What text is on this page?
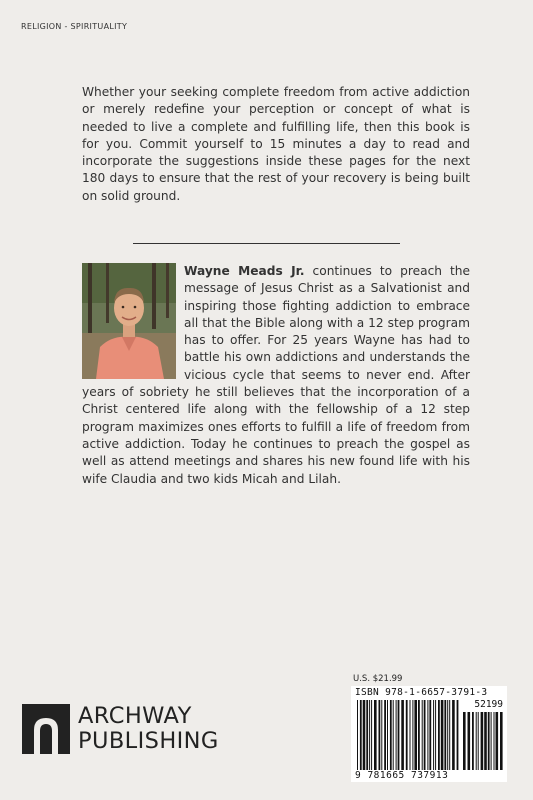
RELIGION - SPIRITUALITY
Whether your seeking complete freedom from active addiction or merely redefine your perception or concept of what is needed to live a complete and fulfilling life, then this book is for you. Commit yourself to 15 minutes a day to read and incorporate the suggestions inside these pages for the next 180 days to ensure that the rest of your recovery is being built on solid ground.
Wayne Meads Jr. continues to preach the message of Jesus Christ as a Salvationist and inspiring those fighting addiction to embrace all that the Bible along with a 12 step program has to offer. For 25 years Wayne has had to battle his own addictions and understands the vicious cycle that seems to never end. After years of sobriety he still believes that the incorporation of a Christ centered life along with the fellowship of a 12 step program maximizes ones efforts to fulfill a life of freedom from active addiction. Today he continues to preach the gospel as well as attend meetings and shares his new found life with his wife Claudia and two kids Micah and Lilah.
U.S. $21.99
ISBN 978-1-6657-3791-3
52199
9 781665 737913
ARCHWAY
PUBLISHING
